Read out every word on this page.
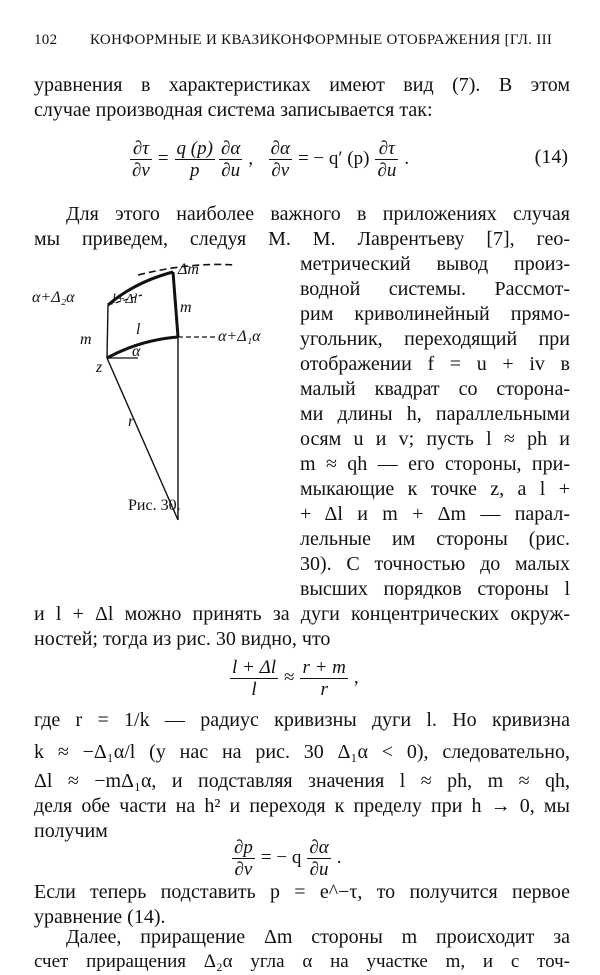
102 КОНФОРМНЫЕ И КВАЗИКОНФОРМНЫЕ ОТОБРАЖЕНИЯ [ГЛ. III
уравнения в характеристиках имеют вид (7). В этом
случае производная система записывается так:
$\frac{\partial\tau}{\partial v} = \frac{q (p)}{p} \frac{\partial\alpha}{\partial u}$ , $\frac{\partial\alpha}{\partial v}$ = − q′ $(p) \frac{\partial\tau}{\partial u}$ .	(14)
Для этого наиболее важного в приложениях случая
мы приведем, следуя М. М. Лаврентьеву [7], гео-
Δm
m
α+Δ₂α	l+Δl
l	α+Δ₁α
m
z
α
r
Рис. 30.
метрический вывод произ-
водной системы. Рассмот-
рим криволинейный прямо-
угольник, переходящий при
отображении f = u + iv в
малый квадрат со сторона-
ми длины h, параллельными
осям u и v; пусть l ≈ ph и
m ≈ qh — его стороны, при-
мыкающие к точке z, а l +
+ Δl и m + Δm — парал-
лельные им стороны (рис.
30). С точностью до малых
высших порядков стороны l
и l + Δl можно принять за дуги концентрических окруж-
ностей; тогда из рис. 30 видно, что
$\frac{l + \Delta l}{l} \approx \frac{r + m}{r}$ ,
где r = 1/k — радиус кривизны дуги l. Но кривизна
k ≈ −Δ₁α/l (у нас на рис. 30 Δ₁α < 0), следовательно,
Δl ≈ −mΔ₁α, и подставляя значения l ≈ ph, m ≈ qh,
деля обе части на h² и переходя к пределу при h → 0, мы
получим
$\frac{\partial p}{\partial v}$ = − q $\frac{\partial\alpha}{\partial u}$ .
Если теперь подставить p = e^−τ, то получится первое
уравнение (14).
Далее, приращение Δm стороны m происходит за
счет приращения Δ₂α угла α на участке m, и с точ-
